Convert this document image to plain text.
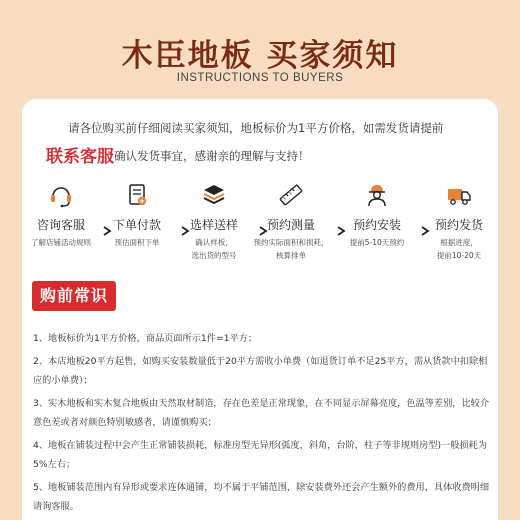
木臣地板 买家须知
INSTRUCTIONS TO BUYERS
请各位购买前仔细阅读买家须知，地板标价为1平方价格，如需发货请提前
联系客服确认发货事宜，感谢亲的理解与支持！
咨询客服
了解店铺活动规则
下单付款
预估面积下单
选样送样
确认样板，
选出货的型号
预约测量
预约实际面积和损耗，
核算排单
预约安装
提前5-10天预约
预约发货
根据进度，
提前10-20天
购前常识
1、地板标价为1平方价格，商品页面所示1件=1平方；
2、本店地板20平方起售，如购买安装数量低于20平方需收小单费（如退货订单不足25平方，需从货款中扣除相应的小单费）；
3、实木地板和实木复合地板由天然取材制造，存在色差是正常现象，在不同显示屏幕亮度，色温等差别，比较介意色差或者对颜色特别敏感者，请谨慎购买；
4、地板在铺装过程中会产生正常铺装损耗，标准房型无异形(弧度，斜角，台阶，柱子等非规则房型)一般损耗为5%左右；
5、地板铺装范围内有异形或要求连体通铺，均不属于平铺范围，除安装费外还会产生额外的费用，具体收费明细请询客服。
